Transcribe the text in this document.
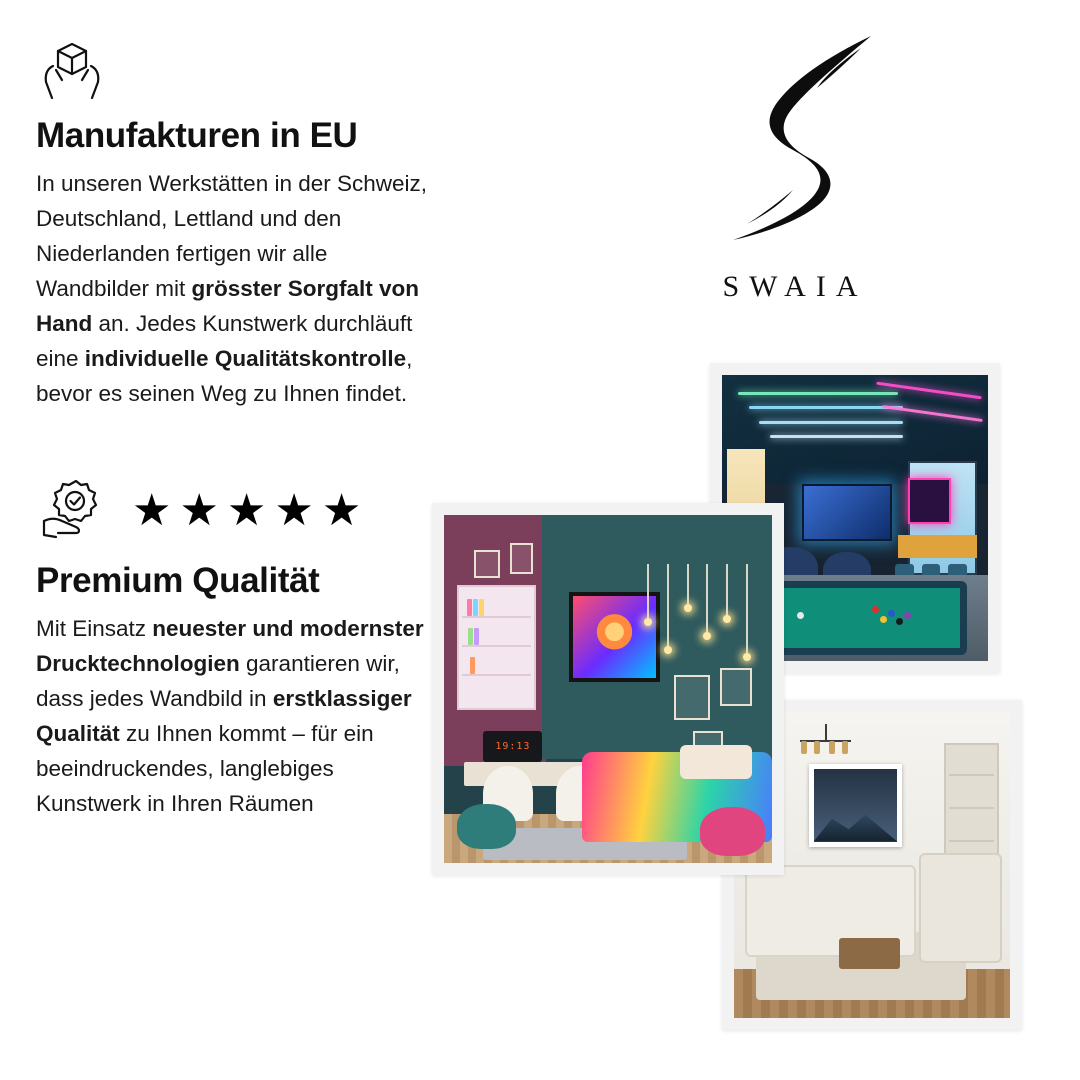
Manufakturen in EU
In unseren Werkstätten in der Schweiz, Deutschland, Lettland und den Niederlanden fertigen wir alle Wandbilder mit grösster Sorgfalt von Hand an. Jedes Kunstwerk durchläuft eine individuelle Qualitätskontrolle, bevor es seinen Weg zu Ihnen findet.
★ ★ ★ ★ ★
Premium Qualität
Mit Einsatz neuester und modernster Drucktechnologien garantieren wir, dass jedes Wandbild in erstklassiger Qualität zu Ihnen kommt – für ein beeindruckendes, langlebiges Kunstwerk in Ihren Räumen
SWAIA
19:13
